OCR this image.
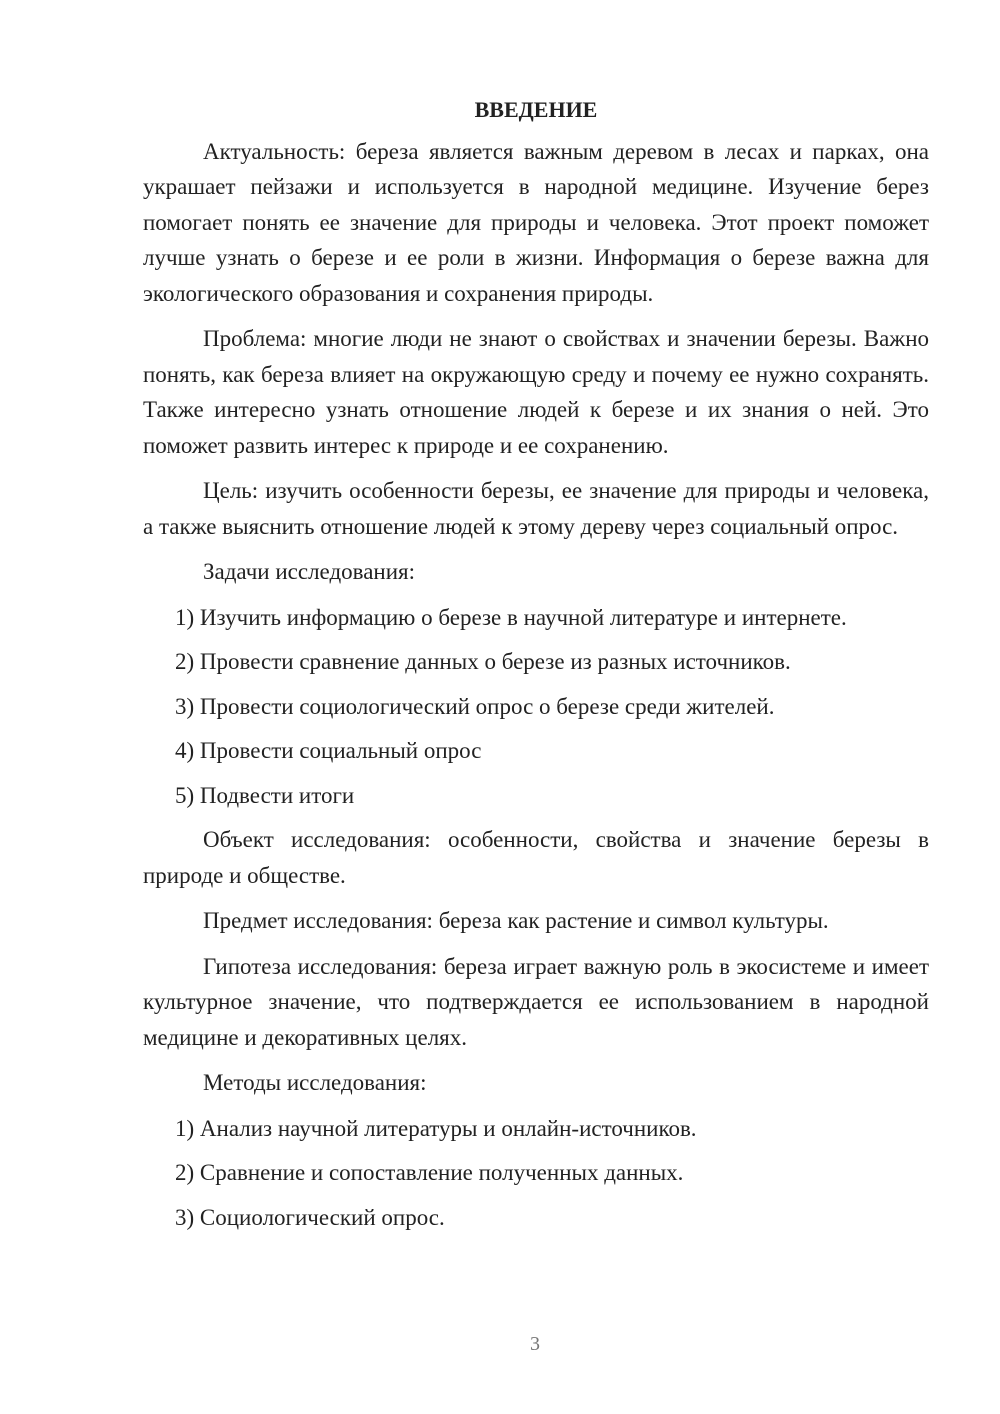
ВВЕДЕНИЕ

Актуальность: береза является важным деревом в лесах и парках, она украшает пейзажи и используется в народной медицине. Изучение берез помогает понять ее значение для природы и человека. Этот проект поможет лучше узнать о березе и ее роли в жизни. Информация о березе важна для экологического образования и сохранения природы.

Проблема: многие люди не знают о свойствах и значении березы. Важно понять, как береза влияет на окружающую среду и почему ее нужно сохранять. Также интересно узнать отношение людей к березе и их знания о ней. Это поможет развить интерес к природе и ее сохранению.

Цель: изучить особенности березы, ее значение для природы и человека, а также выяснить отношение людей к этому дереву через социальный опрос.

Задачи исследования:

1) Изучить информацию о березе в научной литературе и интернете.
2) Провести сравнение данных о березе из разных источников.
3) Провести социологический опрос о березе среди жителей.
4) Провести социальный опрос
5) Подвести итоги

Объект исследования: особенности, свойства и значение березы в природе и обществе.

Предмет исследования: береза как растение и символ культуры.

Гипотеза исследования: береза играет важную роль в экосистеме и имеет культурное значение, что подтверждается ее использованием в народной медицине и декоративных целях.

Методы исследования:

1) Анализ научной литературы и онлайн-источников.
2) Сравнение и сопоставление полученных данных.
3) Социологический опрос.
3
